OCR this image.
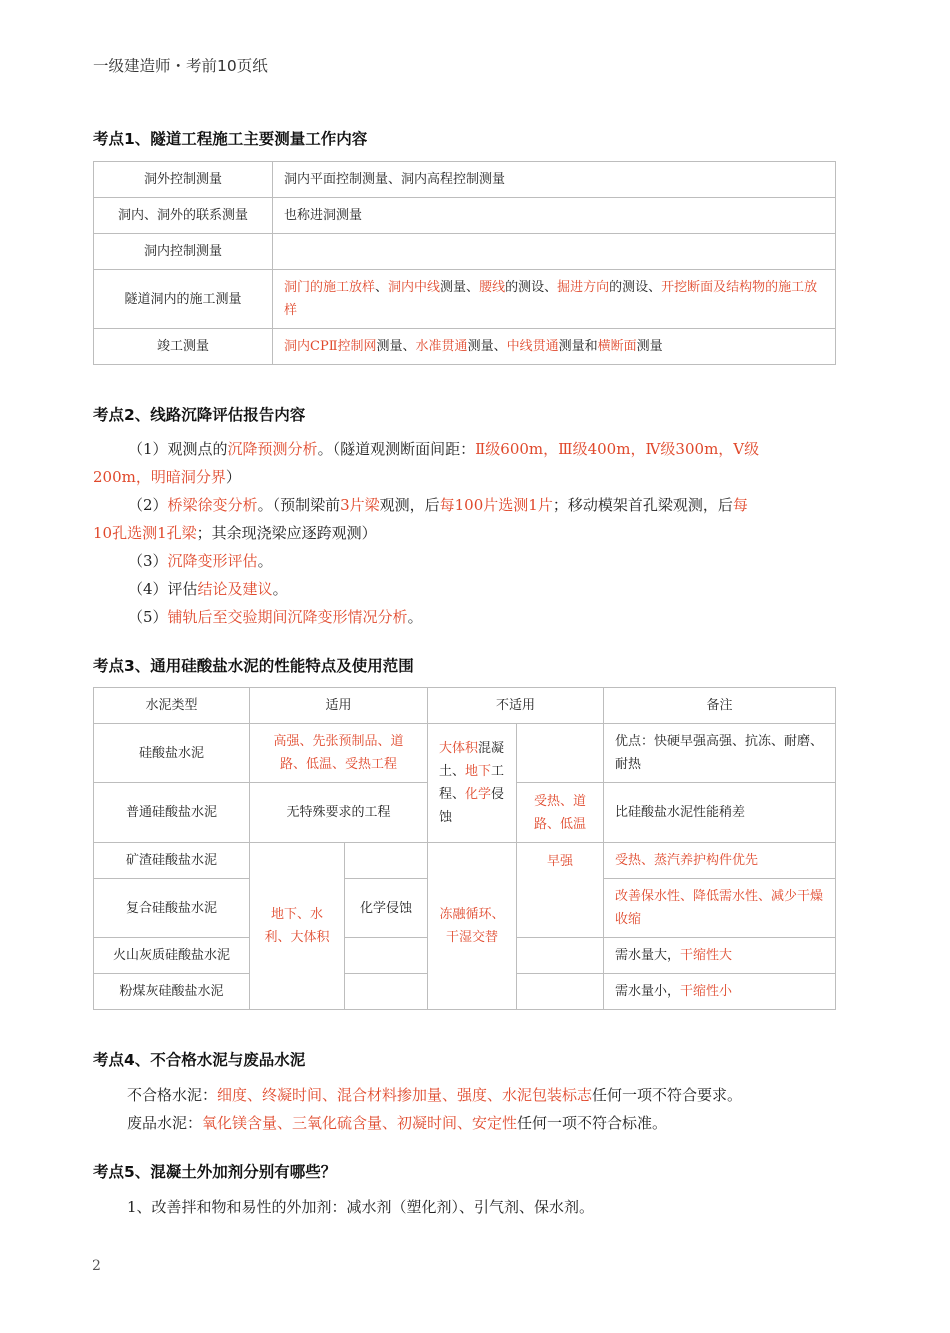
一级建造师・考前10页纸
考点1、隧道工程施工主要测量工作内容
洞外控制测量	洞内平面控制测量、洞内高程控制测量
洞内、洞外的联系测量	也称进洞测量
洞内控制测量	
隧道洞内的施工测量	洞门的施工放样、洞内中线测量、腰线的测设、掘进方向的测设、开挖断面及结构物的施工放样
竣工测量	洞内CPⅡ控制网测量、水准贯通测量、中线贯通测量和横断面测量
考点2、线路沉降评估报告内容
（1）观测点的沉降预测分析。（隧道观测断面间距：Ⅱ级600m，Ⅲ级400m，Ⅳ级300m，Ⅴ级
200m，明暗洞分界）
（2）桥梁徐变分析。（预制梁前3片梁观测，后每100片选测1片；移动模架首孔梁观测，后每
10孔选测1孔梁；其余现浇梁应逐跨观测）
（3）沉降变形评估。
（4）评估结论及建议。
（5）铺轨后至交验期间沉降变形情况分析。
考点3、通用硅酸盐水泥的性能特点及使用范围
水泥类型	适用		不适用		备注
硅酸盐水泥	高强、先张预制品、道路、低温、受热工程		大体积混凝土、地下工程、化学侵蚀		优点：快硬早强高强、抗冻、耐磨、耐热
普通硅酸盐水泥	无特殊要求的工程			受热、道路、低温	比硅酸盐水泥性能稍差
矿渣硅酸盐水泥	地下、水利、大体积		冻融循环、干湿交替	早强	受热、蒸汽养护构件优先
复合硅酸盐水泥		化学侵蚀			改善保水性、降低需水性、减少干燥收缩
火山灰质硅酸盐水泥					需水量大，干缩性大
粉煤灰硅酸盐水泥					需水量小，干缩性小
考点4、不合格水泥与废品水泥
不合格水泥：细度、终凝时间、混合材料掺加量、强度、水泥包装标志任何一项不符合要求。
废品水泥：氧化镁含量、三氧化硫含量、初凝时间、安定性任何一项不符合标准。
考点5、混凝土外加剂分别有哪些？
1、改善拌和物和易性的外加剂：减水剂（塑化剂）、引气剂、保水剂。
2
